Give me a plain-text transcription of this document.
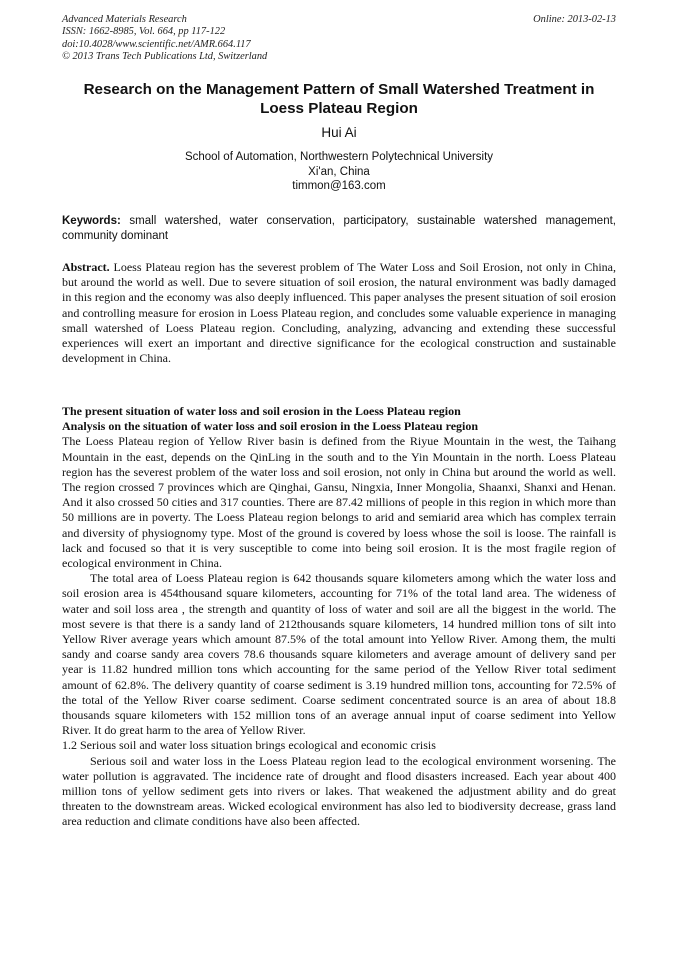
Advanced Materials Research
ISSN: 1662-8985, Vol. 664, pp 117-122
doi:10.4028/www.scientific.net/AMR.664.117
© 2013 Trans Tech Publications Ltd, Switzerland
Online: 2013-02-13
Research on the Management Pattern of Small Watershed Treatment in Loess Plateau Region
Hui Ai
School of Automation, Northwestern Polytechnical University
Xi'an, China
timmon@163.com
Keywords: small watershed, water conservation, participatory, sustainable watershed management, community dominant
Abstract. Loess Plateau region has the severest problem of The Water Loss and Soil Erosion, not only in China, but around the world as well. Due to severe situation of soil erosion, the natural environment was badly damaged in this region and the economy was also deeply influenced. This paper analyses the present situation of soil erosion and controlling measure for erosion in Loess Plateau region, and concludes some valuable experience in managing small watershed of Loess Plateau region. Concluding, analyzing, advancing and extending these successful experiences will exert an important and directive significance for the ecological construction and sustainable development in China.

The present situation of water loss and soil erosion in the Loess Plateau region

Analysis on the situation of water loss and soil erosion in the Loess Plateau region

The Loess Plateau region of Yellow River basin is defined from the Riyue Mountain in the west, the Taihang Mountain in the east, depends on the QinLing in the south and to the Yin Mountain in the north. Loess Plateau region has the severest problem of the water loss and soil erosion, not only in China but around the world as well. The region crossed 7 provinces which are Qinghai, Gansu, Ningxia, Inner Mongolia, Shaanxi, Shanxi and Henan. And it also crossed 50 cities and 317 counties. There are 87.42 millions of people in this region in which more than 50 millions are in poverty. The Loess Plateau region belongs to arid and semiarid area which has complex terrain and diversity of physiognomy type. Most of the ground is covered by loess whose the soil is loose. The rainfall is lack and focused so that it is very susceptible to come into being soil erosion. It is the most fragile region of ecological environment in China.

The total area of Loess Plateau region is 642 thousands square kilometers among which the water loss and soil erosion area is 454thousand square kilometers, accounting for 71% of the total land area. The wideness of water and soil loss area , the strength and quantity of loss of water and soil are all the biggest in the world. The most severe is that there is a sandy land of 212thousands square kilometers, 14 hundred million tons of silt into Yellow River average years which amount 87.5% of the total amount into Yellow River. Among them, the multi sandy and coarse sandy area covers 78.6 thousands square kilometers and average amount of delivery sand per year is 11.82 hundred million tons which accounting for the same period of the Yellow River total sediment amount of 62.8%. The delivery quantity of coarse sediment is 3.19 hundred million tons, accounting for 72.5% of the total of the Yellow River coarse sediment. Coarse sediment concentrated source is an area of about 18.8 thousands square kilometers with 152 million tons of an average annual input of coarse sediment into Yellow River. It do great harm to the area of Yellow River.

1.2 Serious soil and water loss situation brings ecological and economic crisis

Serious soil and water loss in the Loess Plateau region lead to the ecological environment worsening. The water pollution is aggravated. The incidence rate of drought and flood disasters increased. Each year about 400 million tons of yellow sediment gets into rivers or lakes. That weakened the adjustment ability and do great threaten to the downstream areas. Wicked ecological environment has also led to biodiversity decrease, grass land area reduction and climate conditions have also been affected.
